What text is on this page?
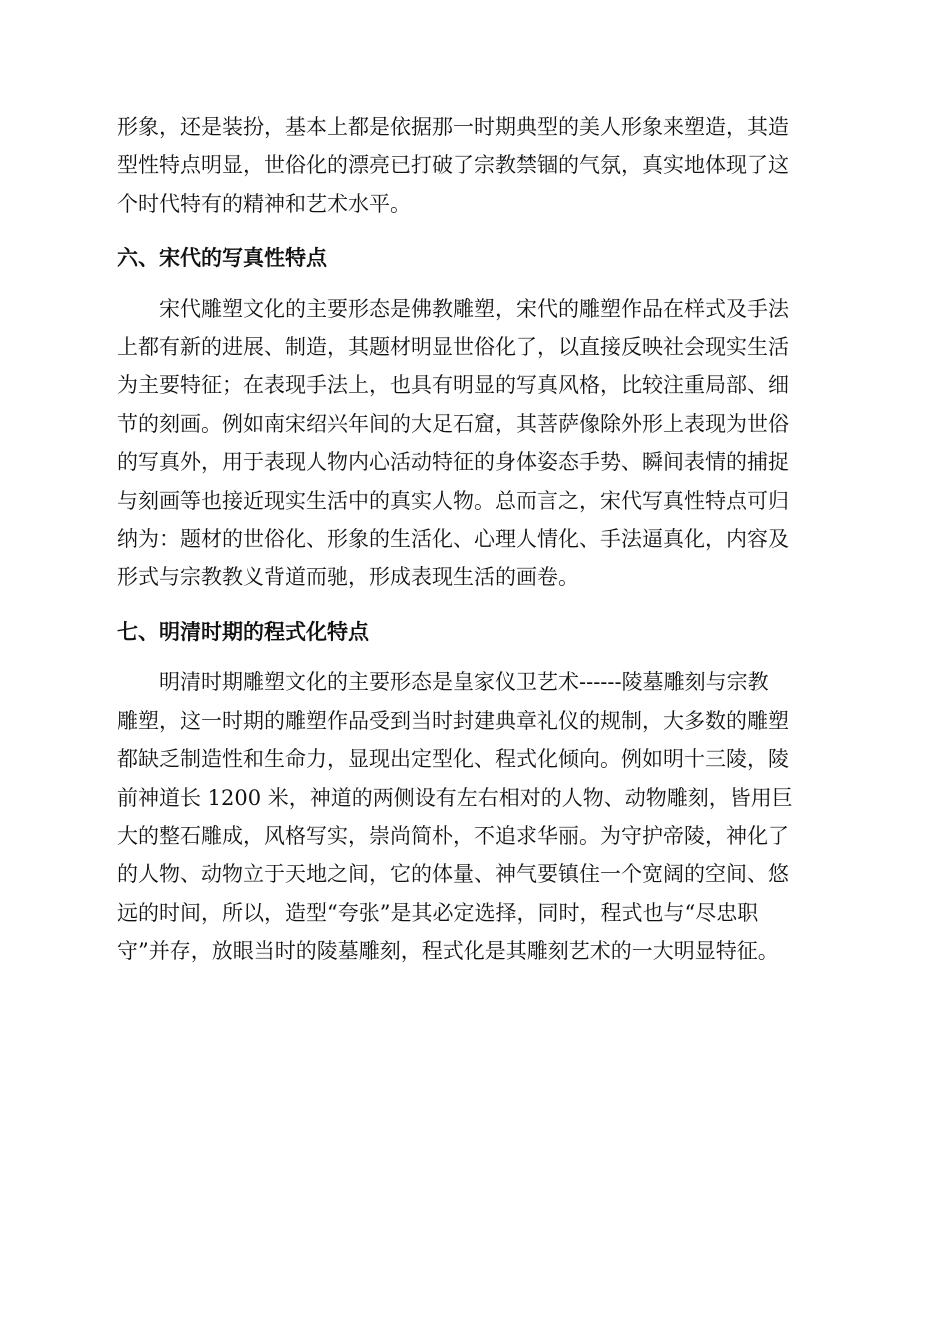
形象，还是装扮，基本上都是依据那一时期典型的美人形象来塑造，其造
型性特点明显，世俗化的漂亮已打破了宗教禁锢的气氛，真实地体现了这
个时代特有的精神和艺术水平。

六、宋代的写真性特点

宋代雕塑文化的主要形态是佛教雕塑，宋代的雕塑作品在样式及手法
上都有新的进展、制造，其题材明显世俗化了，以直接反映社会现实生活
为主要特征；在表现手法上，也具有明显的写真风格，比较注重局部、细
节的刻画。例如南宋绍兴年间的大足石窟，其菩萨像除外形上表现为世俗
的写真外，用于表现人物内心活动特征的身体姿态手势、瞬间表情的捕捉
与刻画等也接近现实生活中的真实人物。总而言之，宋代写真性特点可归
纳为：题材的世俗化、形象的生活化、心理人情化、手法逼真化，内容及
形式与宗教教义背道而驰，形成表现生活的画卷。

七、明清时期的程式化特点

明清时期雕塑文化的主要形态是皇家仪卫艺术------陵墓雕刻与宗教
雕塑，这一时期的雕塑作品受到当时封建典章礼仪的规制，大多数的雕塑
都缺乏制造性和生命力，显现出定型化、程式化倾向。例如明十三陵，陵
前神道长 1200 米，神道的两侧设有左右相对的人物、动物雕刻，皆用巨
大的整石雕成，风格写实，崇尚简朴，不追求华丽。为守护帝陵，神化了
的人物、动物立于天地之间，它的体量、神气要镇住一个宽阔的空间、悠
远的时间，所以，造型“夸张”是其必定选择，同时，程式也与“尽忠职
守”并存，放眼当时的陵墓雕刻，程式化是其雕刻艺术的一大明显特征。
